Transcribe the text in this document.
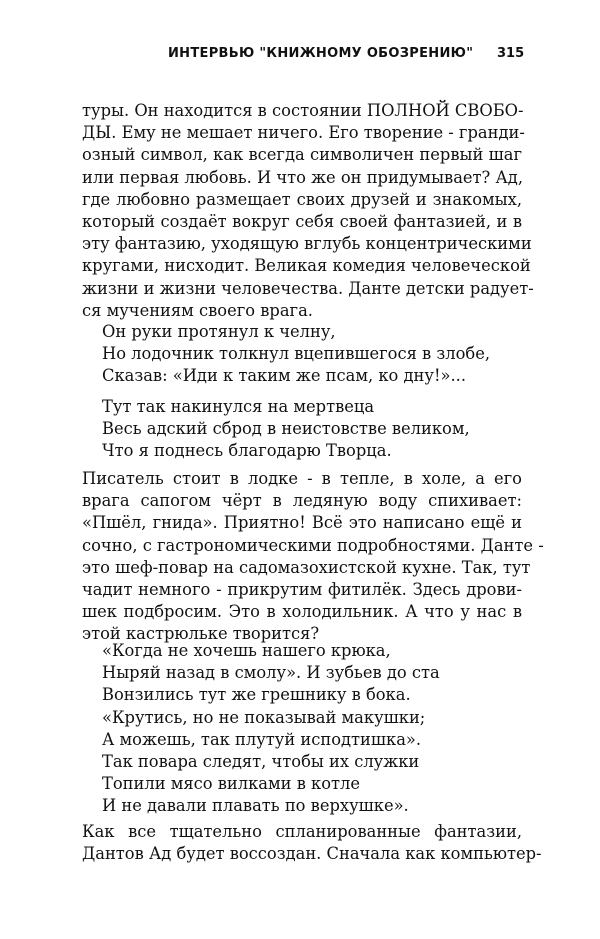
ИНТЕРВЬЮ "КНИЖНОМУ ОБОЗРЕНИЮ" 315
туры. Он находится в состоянии ПОЛНОЙ СВОБО-
ДЫ. Ему не мешает ничего. Его творение - гранди-
озный символ, как всегда символичен первый шаг
или первая любовь. И что же он придумывает? Ад,
где любовно размещает своих друзей и знакомых,
который создаёт вокруг себя своей фантазией, и в
эту фантазию, уходящую вглубь концентрическими
кругами, нисходит. Великая комедия человеческой
жизни и жизни человечества. Данте детски радует-
ся мучениям своего врага.
Он руки протянул к челну,
Но лодочник толкнул вцепившегося в злобе,
Сказав: «Иди к таким же псам, ко дну!»...
Тут так накинулся на мертвеца
Весь адский сброд в неистовстве великом,
Что я поднесь благодарю Творца.
Писатель стоит в лодке - в тепле, в холе, а его
врага сапогом чёрт в ледяную воду спихивает:
«Пшёл, гнида». Приятно! Всё это написано ещё и
сочно, с гастрономическими подробностями. Данте -
это шеф-повар на садомазохистской кухне. Так, тут
чадит немного - прикрутим фитилёк. Здесь дрови-
шек подбросим. Это в холодильник. А что у нас в
этой кастрюльке творится?
«Когда не хочешь нашего крюка,
Ныряй назад в смолу». И зубьев до ста
Вонзились тут же грешнику в бока.
«Крутись, но не показывай макушки;
А можешь, так плутуй исподтишка».
Так повара следят, чтобы их служки
Топили мясо вилками в котле
И не давали плавать по верхушке».
Как все тщательно спланированные фантазии,
Дантов Ад будет воссоздан. Сначала как компьютер-
